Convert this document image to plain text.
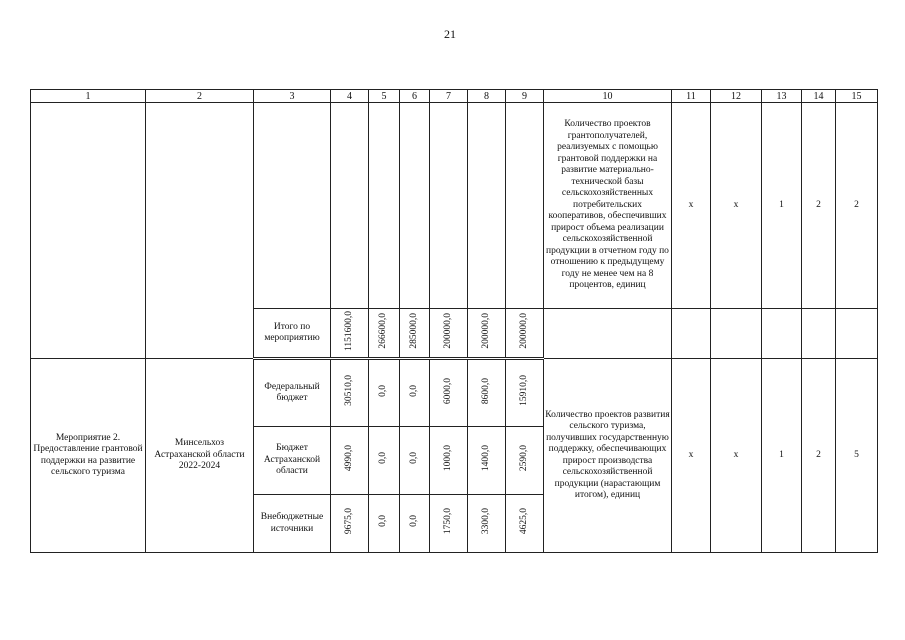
21
1	2	3	4	5	6	7	8	9	10	11	12	13	14	15
									Количество проектов грантополучателей, реализуемых с помощью грантовой поддержки на развитие материально-технической базы сельскохозяйственных потребительских кооперативов, обеспечивших прирост объема реализации сельскохозяйственной продукции в отчетном году по отношению к предыдущему году не менее чем на 8 процентов, единиц	х	х	1	2	2
		Итого по мероприятию	1151600,0	266600,0	285000,0	200000,0	200000,0	200000,0						
Мероприятие 2. Предоставление грантовой поддержки на развитие сельского туризма	Минсельхоз Астраханской области 2022-2024	Федеральный бюджет	30510,0	0,0	0,0	6000,0	8600,0	15910,0	Количество проектов развития сельского туризма, получивших государственную поддержку, обеспечивающих прирост производства сельскохозяйственной продукции (нарастающим итогом), единиц	х	х	1	2	5
		Бюджет Астраханской области	4990,0	0,0	0,0	1000,0	1400,0	2590,0						
		Внебюджетные источники	9675,0	0,0	0,0	1750,0	3300,0	4625,0						
